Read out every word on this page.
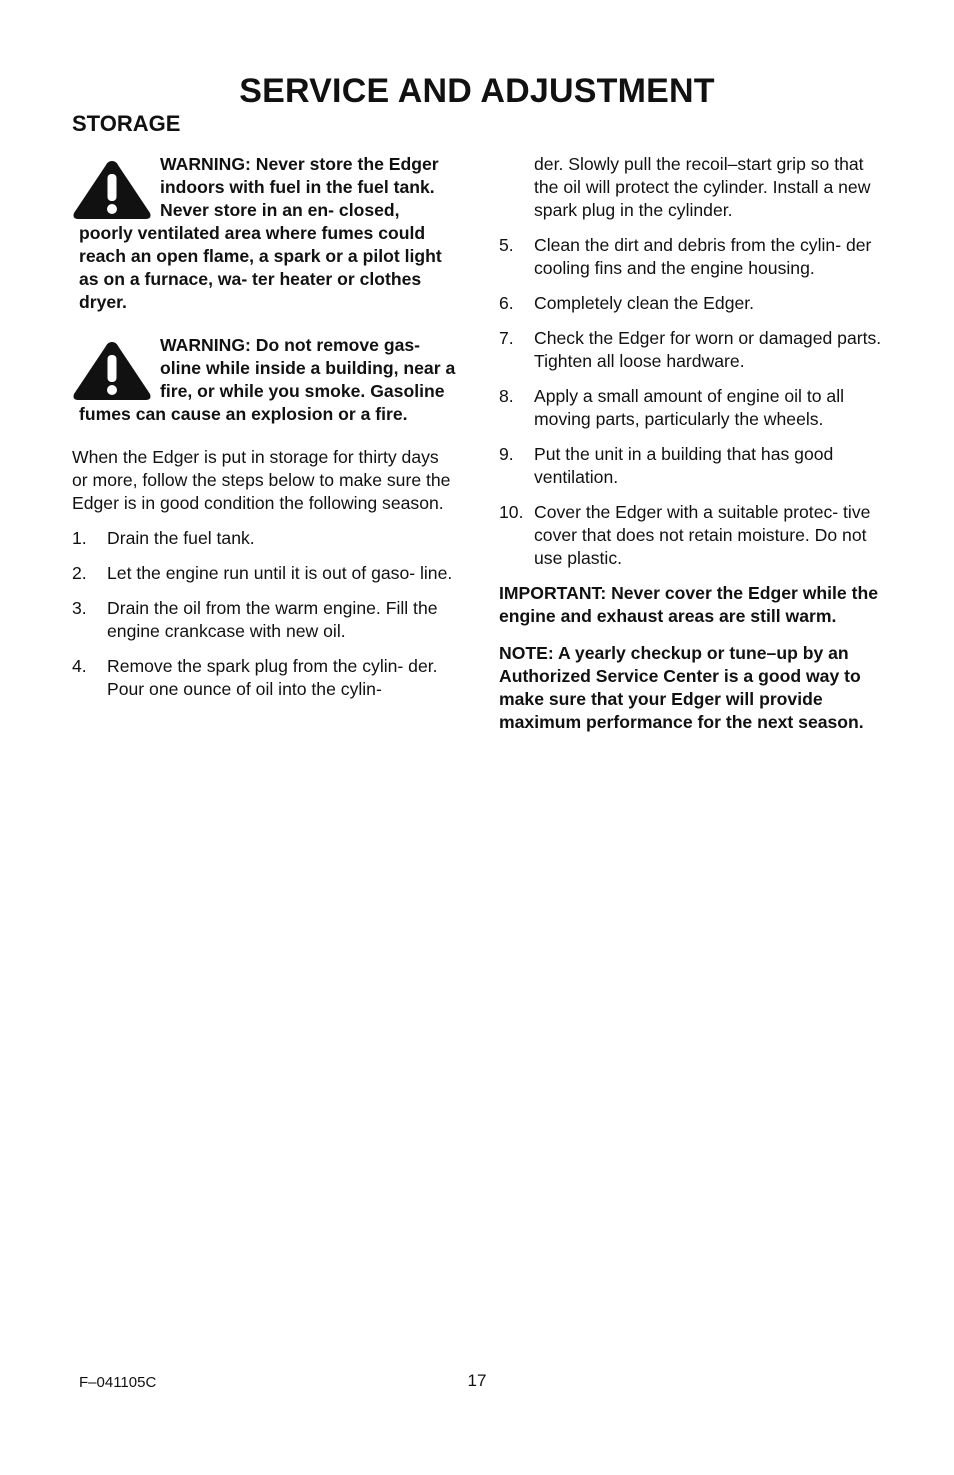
SERVICE AND ADJUSTMENT
STORAGE
WARNING: Never store the Edger indoors with fuel in the fuel tank. Never store in an en- closed, poorly ventilated area where fumes could reach an open flame, a spark or a pilot light as on a furnace, wa- ter heater or clothes dryer.
WARNING: Do not remove gas- oline while inside a building, near a fire, or while you smoke. Gasoline fumes can cause an explosion or a fire.

When the Edger is put in storage for thirty days or more, follow the steps below to make sure the Edger is in good condition the following season.

1. Drain the fuel tank.
2. Let the engine run until it is out of gaso- line.
3. Drain the oil from the warm engine. Fill the engine crankcase with new oil.
4. Remove the spark plug from the cylin- der. Pour one ounce of oil into the cylin-
der. Slowly pull the recoil–start grip so that the oil will protect the cylinder. Install a new spark plug in the cylinder.
5. Clean the dirt and debris from the cylin- der cooling fins and the engine housing.
6. Completely clean the Edger.
7. Check the Edger for worn or damaged parts. Tighten all loose hardware.
8. Apply a small amount of engine oil to all moving parts, particularly the wheels.
9. Put the unit in a building that has good ventilation.
10. Cover the Edger with a suitable protec- tive cover that does not retain moisture. Do not use plastic.

IMPORTANT: Never cover the Edger while the engine and exhaust areas are still warm.

NOTE: A yearly checkup or tune–up by an Authorized Service Center is a good way to make sure that your Edger will provide maximum performance for the next season.

F–041105C	17
